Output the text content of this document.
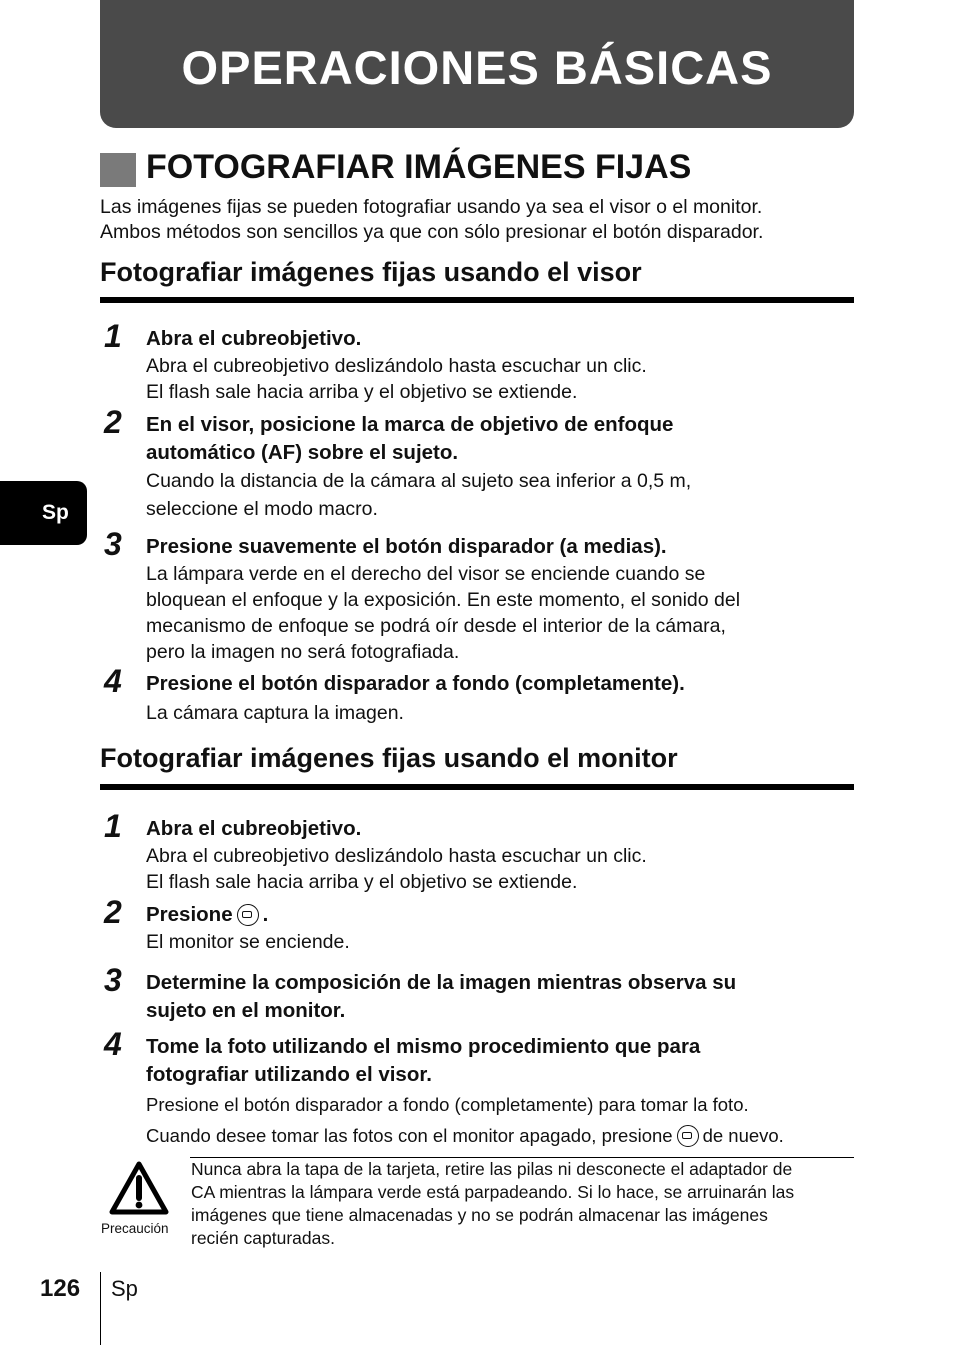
OPERACIONES BÁSICAS
FOTOGRAFIAR IMÁGENES FIJAS
Las imágenes fijas se pueden fotografiar usando ya sea el visor o el monitor.
Ambos métodos son sencillos ya que con sólo presionar el botón disparador.
Fotografiar imágenes fijas usando el visor
1 Abra el cubreobjetivo.
Abra el cubreobjetivo deslizándolo hasta escuchar un clic.
El flash sale hacia arriba y el objetivo se extiende.
2 En el visor, posicione la marca de objetivo de enfoque
automático (AF) sobre el sujeto.
Cuando la distancia de la cámara al sujeto sea inferior a 0,5 m,
seleccione el modo macro.
3 Presione suavemente el botón disparador (a medias).
La lámpara verde en el derecho del visor se enciende cuando se
bloquean el enfoque y la exposición. En este momento, el sonido del
mecanismo de enfoque se podrá oír desde el interior de la cámara,
pero la imagen no será fotografiada.
4 Presione el botón disparador a fondo (completamente).
La cámara captura la imagen.
Fotografiar imágenes fijas usando el monitor
1 Abra el cubreobjetivo.
Abra el cubreobjetivo deslizándolo hasta escuchar un clic.
El flash sale hacia arriba y el objetivo se extiende.
2 Presione .
El monitor se enciende.
3 Determine la composición de la imagen mientras observa su
sujeto en el monitor.
4 Tome la foto utilizando el mismo procedimiento que para
fotografiar utilizando el visor.
Presione el botón disparador a fondo (completamente) para tomar la foto.
Cuando desee tomar las fotos con el monitor apagado, presione de nuevo.
Precaución
Nunca abra la tapa de la tarjeta, retire las pilas ni desconecte el adaptador de
CA mientras la lámpara verde está parpadeando. Si lo hace, se arruinarán las
imágenes que tiene almacenadas y no se podrán almacenar las imágenes
recién capturadas.
Sp
126 Sp
